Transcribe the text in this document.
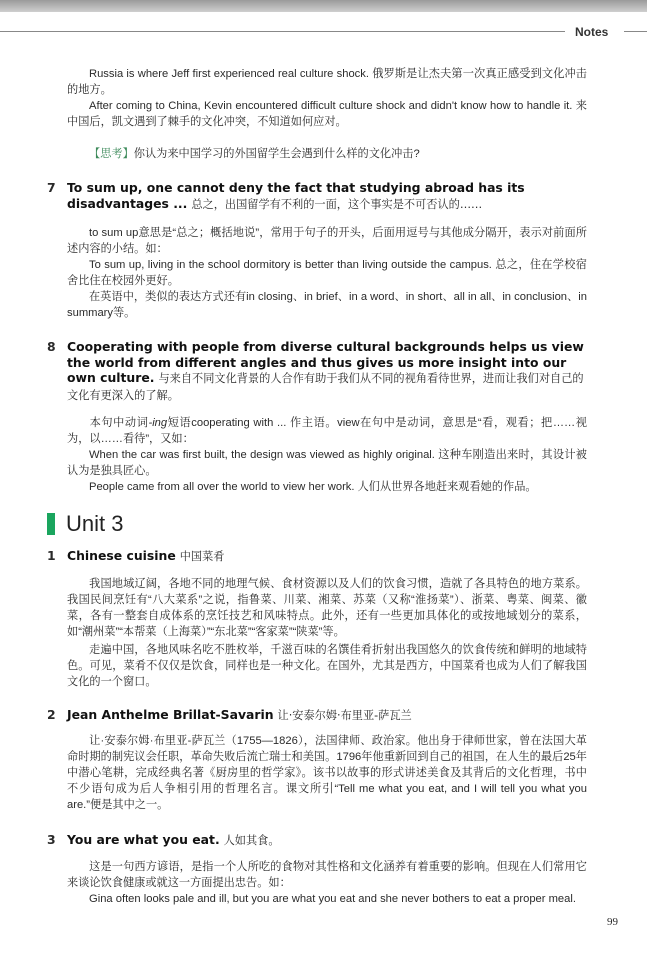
Notes
Russia is where Jeff first experienced real culture shock. 俄罗斯是让杰夫第一次真正感受到文化冲击的地方。
After coming to China, Kevin encountered difficult culture shock and didn't know how to handle it. 来中国后，凯文遇到了棘手的文化冲突，不知道如何应对。
【思考】你认为来中国学习的外国留学生会遇到什么样的文化冲击?
7 To sum up, one cannot deny the fact that studying abroad has its disadvantages ... 总之，出国留学有不利的一面，这个事实是不可否认的……
to sum up意思是“总之；概括地说”，常用于句子的开头，后面用逗号与其他成分隔开，表示对前面所述内容的小结。如：
To sum up, living in the school dormitory is better than living outside the campus. 总之，住在学校宿舍比住在校园外更好。
在英语中，类似的表达方式还有in closing、in brief、in a word、in short、all in all、in conclusion、in summary等。
8 Cooperating with people from diverse cultural backgrounds helps us view the world from different angles and thus gives us more insight into our own culture. 与来自不同文化背景的人合作有助于我们从不同的视角看待世界，进而让我们对自己的文化有更深入的了解。
本句中动词-ing短语cooperating with ... 作主语。view在句中是动词，意思是“看，观看；把……视为，以……看待”，又如：
When the car was first built, the design was viewed as highly original. 这种车刚造出来时，其设计被认为是独具匠心。
People came from all over the world to view her work. 人们从世界各地赶来观看她的作品。
Unit 3
1 Chinese cuisine 中国菜肴
我国地域辽阔，各地不同的地理气候、食材资源以及人们的饮食习惯，造就了各具特色的地方菜系。我国民间烹饪有“八大菜系”之说，指鲁菜、川菜、湘菜、苏菜（又称“淮扬菜”）、浙菜、粤菜、闽菜、徽菜，各有一整套自成体系的烹饪技艺和风味特点。此外，还有一些更加具体化的或按地域划分的菜系，如“潮州菜”“本帮菜（上海菜）”“东北菜”“客家菜”“陕菜”等。
走遍中国，各地风味名吃不胜枚举，千滋百味的名馔佳肴折射出我国悠久的饮食传统和鲜明的地域特色。可见，菜肴不仅仅是饮食，同样也是一种文化。在国外，尤其是西方，中国菜肴也成为人们了解我国文化的一个窗口。
2 Jean Anthelme Brillat-Savarin 让·安泰尔姆·布里亚-萨瓦兰
让·安泰尔姆·布里亚-萨瓦兰（1755—1826），法国律师、政治家。他出身于律师世家，曾在法国大革命时期的制宪议会任职，革命失败后流亡瑞士和美国。1796年他重新回到自己的祖国，在人生的最后25年中潜心笔耕，完成经典名著《厨房里的哲学家》。该书以故事的形式讲述美食及其背后的文化哲理，书中不少语句成为后人争相引用的哲理名言。课文所引“Tell me what you eat, and I will tell you what you are.”便是其中之一。
3 You are what you eat. 人如其食。
这是一句西方谚语，是指一个人所吃的食物对其性格和文化涵养有着重要的影响。但现在人们常用它来谈论饮食健康或就这一方面提出忠告。如：
Gina often looks pale and ill, but you are what you eat and she never bothers to eat a proper meal.
99
